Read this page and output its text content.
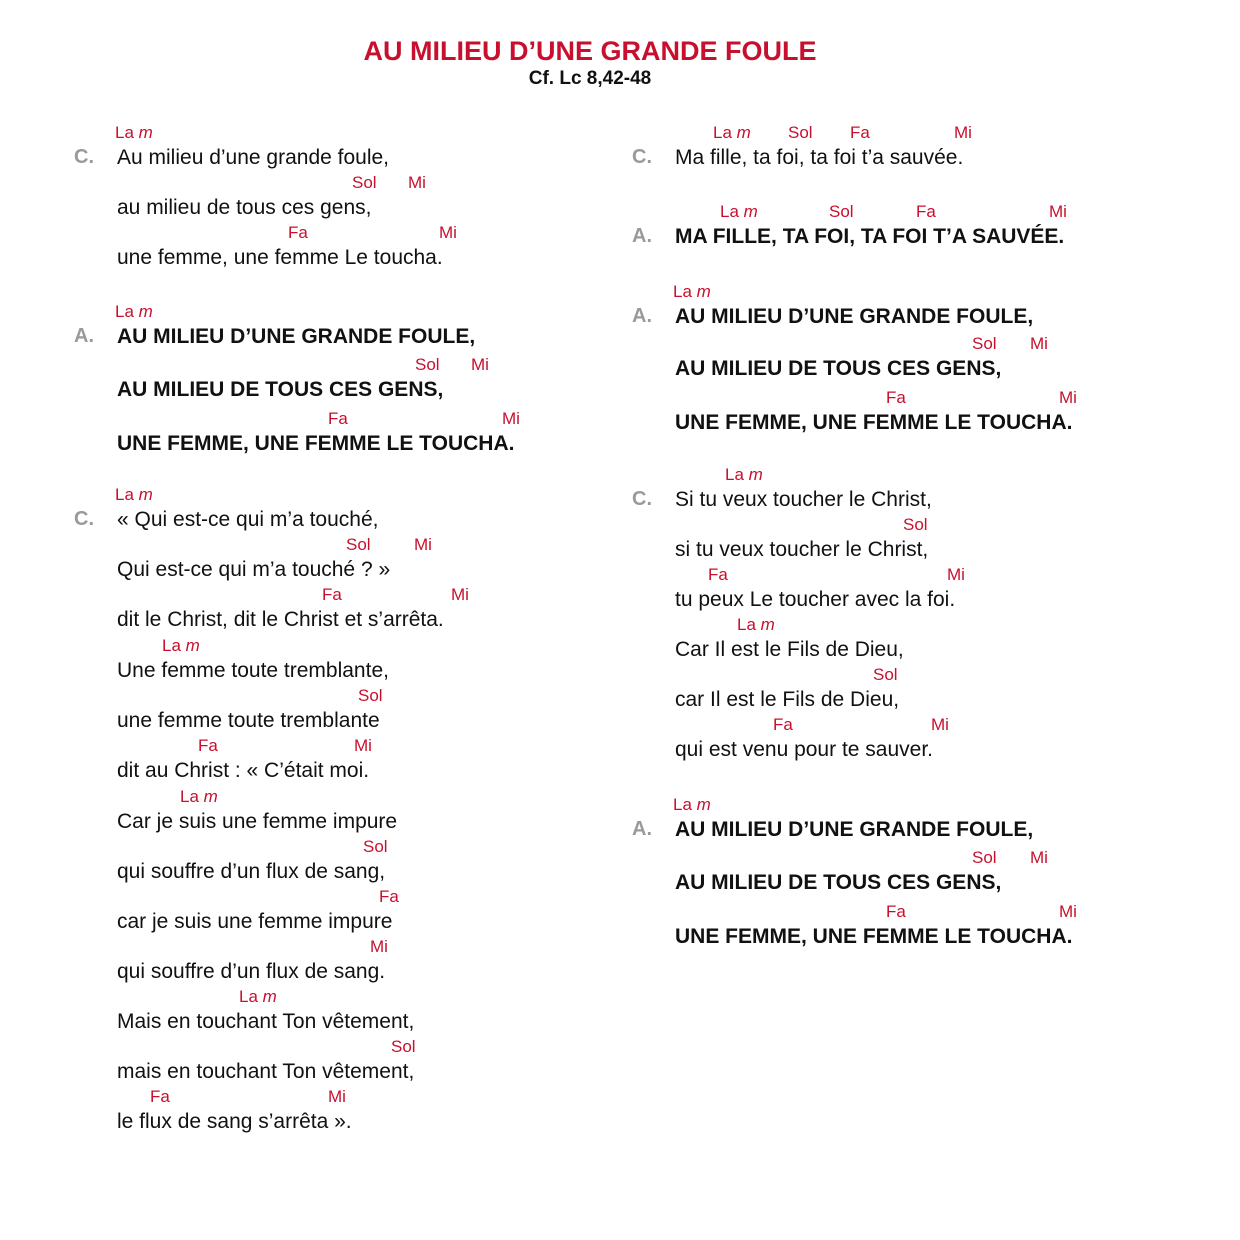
AU MILIEU D’UNE GRANDE FOULE
Cf. Lc 8,42-48
C.
La m
Au milieu d’une grande foule,
Sol Mi
au milieu de tous ces gens,
Fa	Mi
une femme, une femme Le toucha.
A.
La m
AU MILIEU D’UNE GRANDE FOULE,
Sol Mi
AU MILIEU DE TOUS CES GENS,
Fa	Mi
UNE FEMME, UNE FEMME LE TOUCHA.
C.
La m
« Qui est-ce qui m’a touché,
Sol	Mi
Qui est-ce qui m’a touché ? »
Fa	Mi
dit le Christ, dit le Christ et s’arrêta.
La m
Une femme toute tremblante,
Sol
une femme toute tremblante
Fa	Mi
dit au Christ : « C’était moi.
La m
Car je suis une femme impure
Sol
qui souffre d’un flux de sang,
Fa
car je suis une femme impure
Mi
qui souffre d’un flux de sang.
La m
Mais en touchant Ton vêtement,
Sol
mais en touchant Ton vêtement,
Fa	Mi
le flux de sang s’arrêta ».
C.
La m Sol Fa	Mi
Ma fille, ta foi, ta foi t’a sauvée.
A.
La m	Sol	Fa	Mi
MA FILLE, TA FOI, TA FOI T’A SAUVÉE.
A.
La m
AU MILIEU D’UNE GRANDE FOULE,
Sol Mi
AU MILIEU DE TOUS CES GENS,
Fa	Mi
UNE FEMME, UNE FEMME LE TOUCHA.
C.
La m
Si tu veux toucher le Christ,
Sol
si tu veux toucher le Christ,
Fa	Mi
tu peux Le toucher avec la foi.
La m
Car Il est le Fils de Dieu,
Sol
car Il est le Fils de Dieu,
Fa	Mi
qui est venu pour te sauver.
A.
La m
AU MILIEU D’UNE GRANDE FOULE,
Sol Mi
AU MILIEU DE TOUS CES GENS,
Fa	Mi
UNE FEMME, UNE FEMME LE TOUCHA.
